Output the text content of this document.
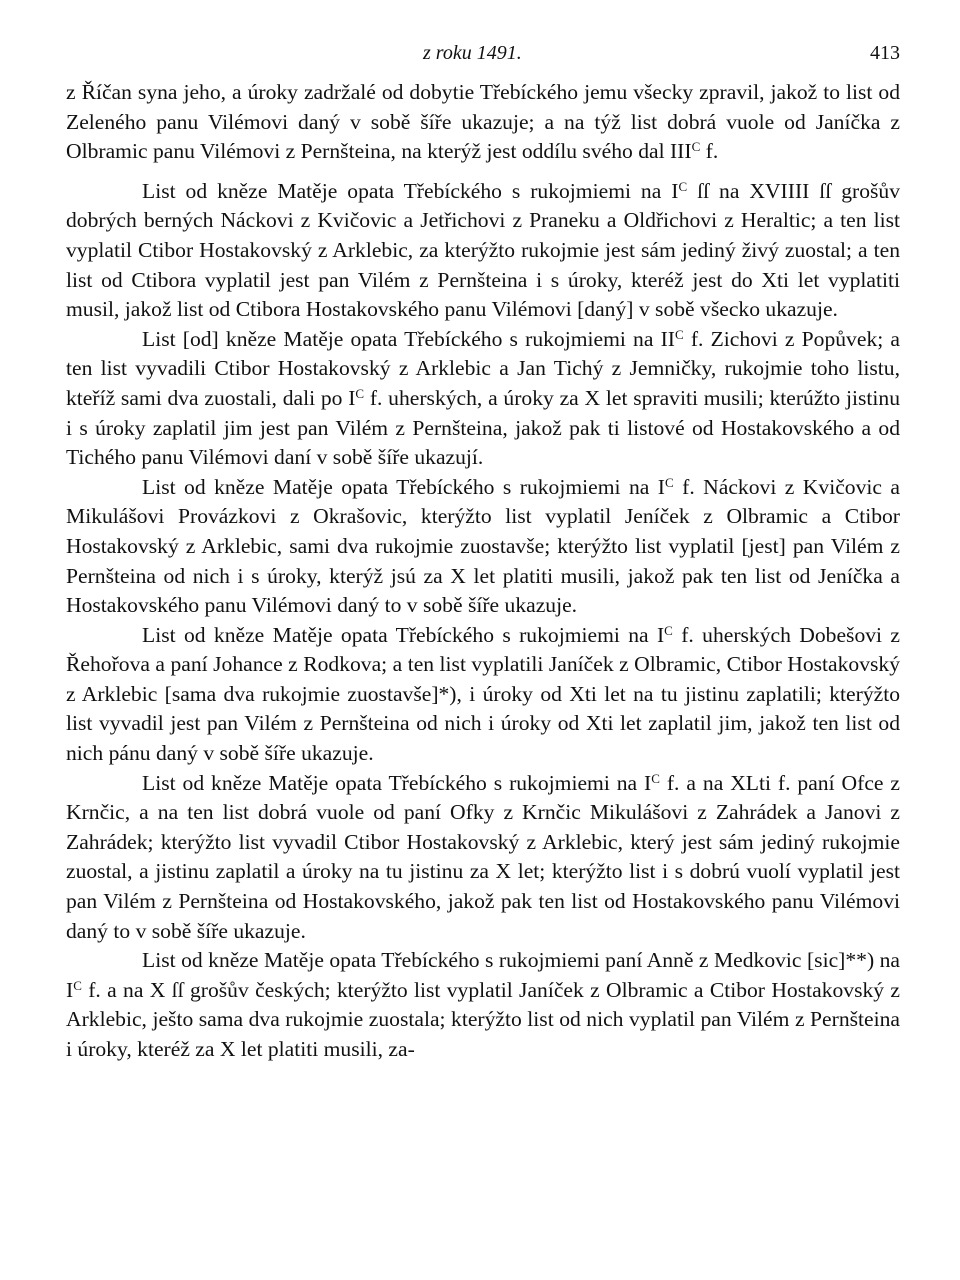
z roku 1491.	413

z Říčan syna jeho, a úroky zadržalé od dobytie Třebíckého jemu všecky zpravil, jakož to list od Zeleného panu Vilémovi daný v sobě šíře ukazuje; a na týž list dobrá vuole od Janíčka z Olbramic panu Vilémovi z Pernšteina, na kterýž jest oddílu svého dal $III^C$ f.

List od kněze Matěje opata Třebíckého s rukojmiemi na $I^C$ ſſ na XVIIII ſſ grošův dobrých berných Náckovi z Kvičovic a Jetřichovi z Praneku a Oldřichovi z Heraltic; a ten list vyplatil Ctibor Hostakovský z Arklebic, za kterýžto rukojmie jest sám jediný živý zuostal; a ten list od Ctibora vyplatil jest pan Vilém z Pernšteina i s úroky, kteréž jest do Xti let vyplatiti musil, jakož list od Ctibora Hostakovského panu Vilémovi [daný] v sobě všecko ukazuje.

List [od] kněze Matěje opata Třebíckého s rukojmiemi na $II^C$ f. Zichovi z Popůvek; a ten list vyvadili Ctibor Hostakovský z Arklebic a Jan Tichý z Jemničky, rukojmie toho listu, kteříž sami dva zuostali, dali po $I^C$ f. uherských, a úroky za X let spraviti musili; kterúžto jistinu i s úroky zaplatil jim jest pan Vilém z Pernšteina, jakož pak ti listové od Hostakovského a od Tichého panu Vilémovi daní v sobě šíře ukazují.

List od kněze Matěje opata Třebíckého s rukojmiemi na $I^C$ f. Náckovi z Kvičovic a Mikulášovi Provázkovi z Okrašovic, kterýžto list vyplatil Jeníček z Olbramic a Ctibor Hostakovský z Arklebic, sami dva rukojmie zuostavše; kterýžto list vyplatil [jest] pan Vilém z Pernšteina od nich i s úroky, kterýž jsú za X let platiti musili, jakož pak ten list od Jeníčka a Hostakovského panu Vilémovi daný to v sobě šíře ukazuje.

List od kněze Matěje opata Třebíckého s rukojmiemi na $I^C$ f. uherských Dobešovi z Řehořova a paní Johance z Rodkova; a ten list vyplatili Janíček z Olbramic, Ctibor Hostakovský z Arklebic [sama dva rukojmie zuostavše]*), i úroky od Xti let na tu jistinu zaplatili; kterýžto list vyvadil jest pan Vilém z Pernšteina od nich i úroky od Xti let zaplatil jim, jakož ten list od nich pánu daný v sobě šíře ukazuje.

List od kněze Matěje opata Třebíckého s rukojmiemi na $I^C$ f. a na XLti f. paní Ofce z Krnčic, a na ten list dobrá vuole od paní Ofky z Krnčic Mikulášovi z Zahrádek a Janovi z Zahrádek; kterýžto list vyvadil Ctibor Hostakovský z Arklebic, který jest sám jediný rukojmie zuostal, a jistinu zaplatil a úroky na tu jistinu za X let; kterýžto list i s dobrú vuolí vyplatil jest pan Vilém z Pernšteina od Hostakovského, jakož pak ten list od Hostakovského panu Vilémovi daný to v sobě šíře ukazuje.

List od kněze Matěje opata Třebíckého s rukojmiemi paní Anně z Medkovic [sic]**) na $I^C$ f. a na X ſſ grošův českých; kterýžto list vyplatil Janíček z Olbramic a Ctibor Hostakovský z Arklebic, ješto sama dva rukojmie zuostala; kterýžto list od nich vyplatil pan Vilém z Pernšteina i úroky, kteréž za X let platiti musili, za-
